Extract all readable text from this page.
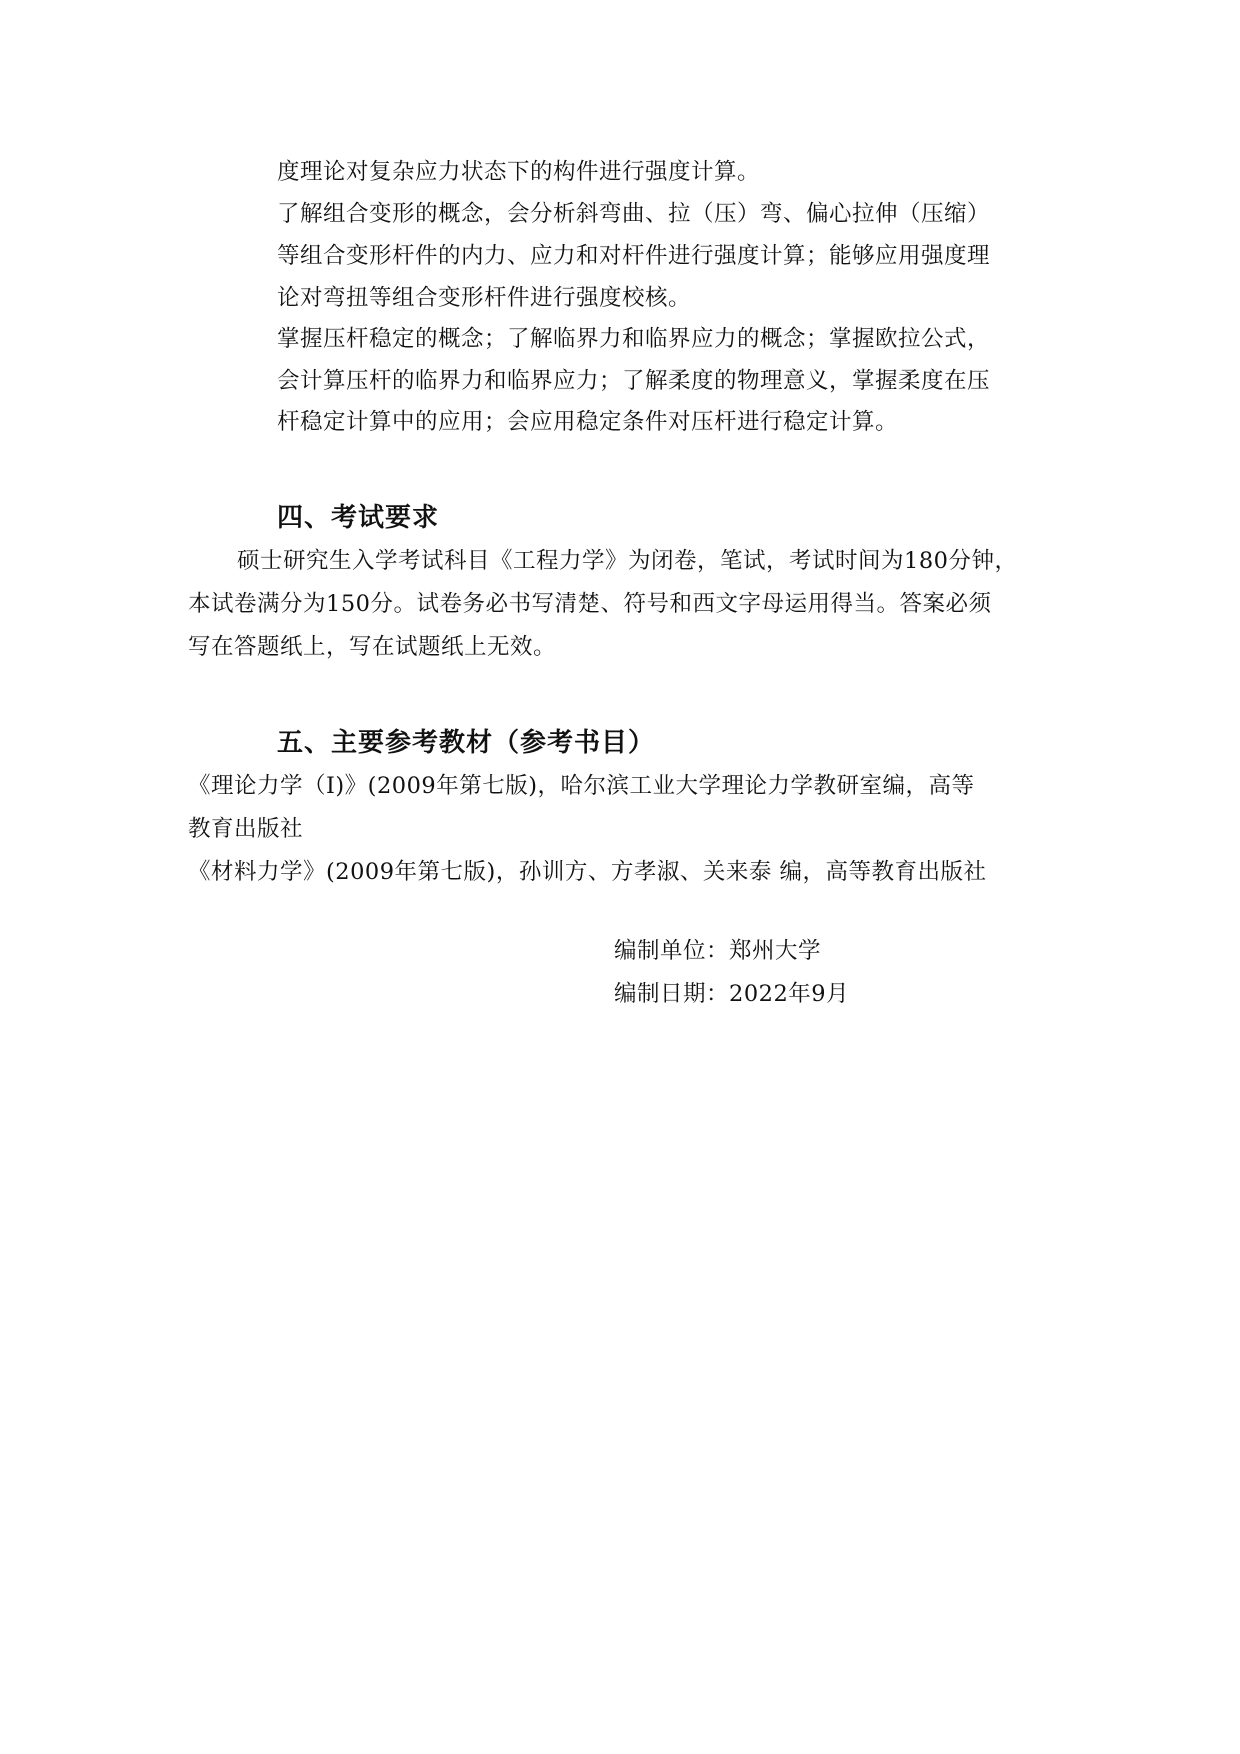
度理论对复杂应力状态下的构件进行强度计算。
了解组合变形的概念，会分析斜弯曲、拉（压）弯、偏心拉伸（压缩）
等组合变形杆件的内力、应力和对杆件进行强度计算；能够应用强度理
论对弯扭等组合变形杆件进行强度校核。
掌握压杆稳定的概念；了解临界力和临界应力的概念；掌握欧拉公式，
会计算压杆的临界力和临界应力；了解柔度的物理意义，掌握柔度在压
杆稳定计算中的应用；会应用稳定条件对压杆进行稳定计算。
四、考试要求
硕士研究生入学考试科目《工程力学》为闭卷，笔试，考试时间为180分钟，
本试卷满分为150分。试卷务必书写清楚、符号和西文字母运用得当。答案必须
写在答题纸上，写在试题纸上无效。
五、主要参考教材（参考书目）
《理论力学（Ⅰ)》(2009年第七版)，哈尔滨工业大学理论力学教研室编，高等
教育出版社
《材料力学》(2009年第七版)，孙训方、方孝淑、关来泰 编，高等教育出版社
编制单位：郑州大学
编制日期：2022年9月
